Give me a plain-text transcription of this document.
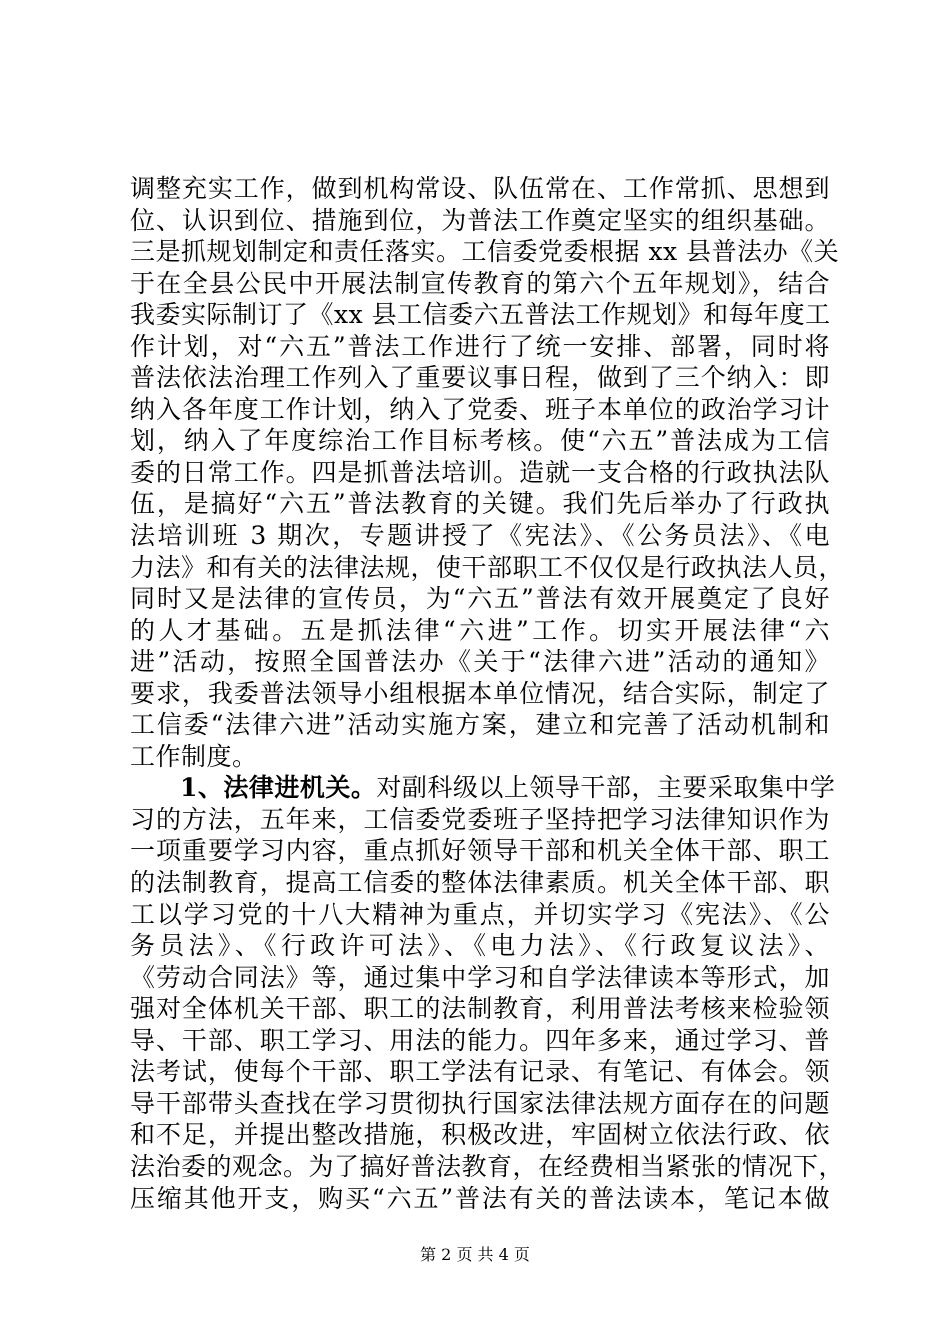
调整充实工作，做到机构常设、队伍常在、工作常抓、思想到
位、认识到位、措施到位，为普法工作奠定坚实的组织基础。
三是抓规划制定和责任落实。工信委党委根据 xx 县普法办《关
于在全县公民中开展法制宣传教育的第六个五年规划》，结合
我委实际制订了《xx 县工信委六五普法工作规划》和每年度工
作计划，对“六五”普法工作进行了统一安排、部署，同时将
普法依法治理工作列入了重要议事日程，做到了三个纳入：即
纳入各年度工作计划，纳入了党委、班子本单位的政治学习计
划，纳入了年度综治工作目标考核。使“六五”普法成为工信
委的日常工作。四是抓普法培训。造就一支合格的行政执法队
伍，是搞好“六五”普法教育的关键。我们先后举办了行政执
法培训班 3 期次，专题讲授了《宪法》、《公务员法》、《电
力法》和有关的法律法规，使干部职工不仅仅是行政执法人员，
同时又是法律的宣传员，为“六五”普法有效开展奠定了良好
的人才基础。五是抓法律“六进”工作。切实开展法律“六
进”活动，按照全国普法办《关于“法律六进”活动的通知》
要求，我委普法领导小组根据本单位情况，结合实际，制定了
工信委“法律六进”活动实施方案，建立和完善了活动机制和
工作制度。
1、法律进机关。对副科级以上领导干部，主要采取集中学
习的方法，五年来，工信委党委班子坚持把学习法律知识作为
一项重要学习内容，重点抓好领导干部和机关全体干部、职工
的法制教育，提高工信委的整体法律素质。机关全体干部、职
工以学习党的十八大精神为重点，并切实学习《宪法》、《公
务员法》、《行政许可法》、《电力法》、《行政复议法》、
《劳动合同法》等，通过集中学习和自学法律读本等形式，加
强对全体机关干部、职工的法制教育，利用普法考核来检验领
导、干部、职工学习、用法的能力。四年多来，通过学习、普
法考试，使每个干部、职工学法有记录、有笔记、有体会。领
导干部带头查找在学习贯彻执行国家法律法规方面存在的问题
和不足，并提出整改措施，积极改进，牢固树立依法行政、依
法治委的观念。为了搞好普法教育，在经费相当紧张的情况下，
压缩其他开支，购买“六五”普法有关的普法读本，笔记本做
第 2 页 共 4 页
